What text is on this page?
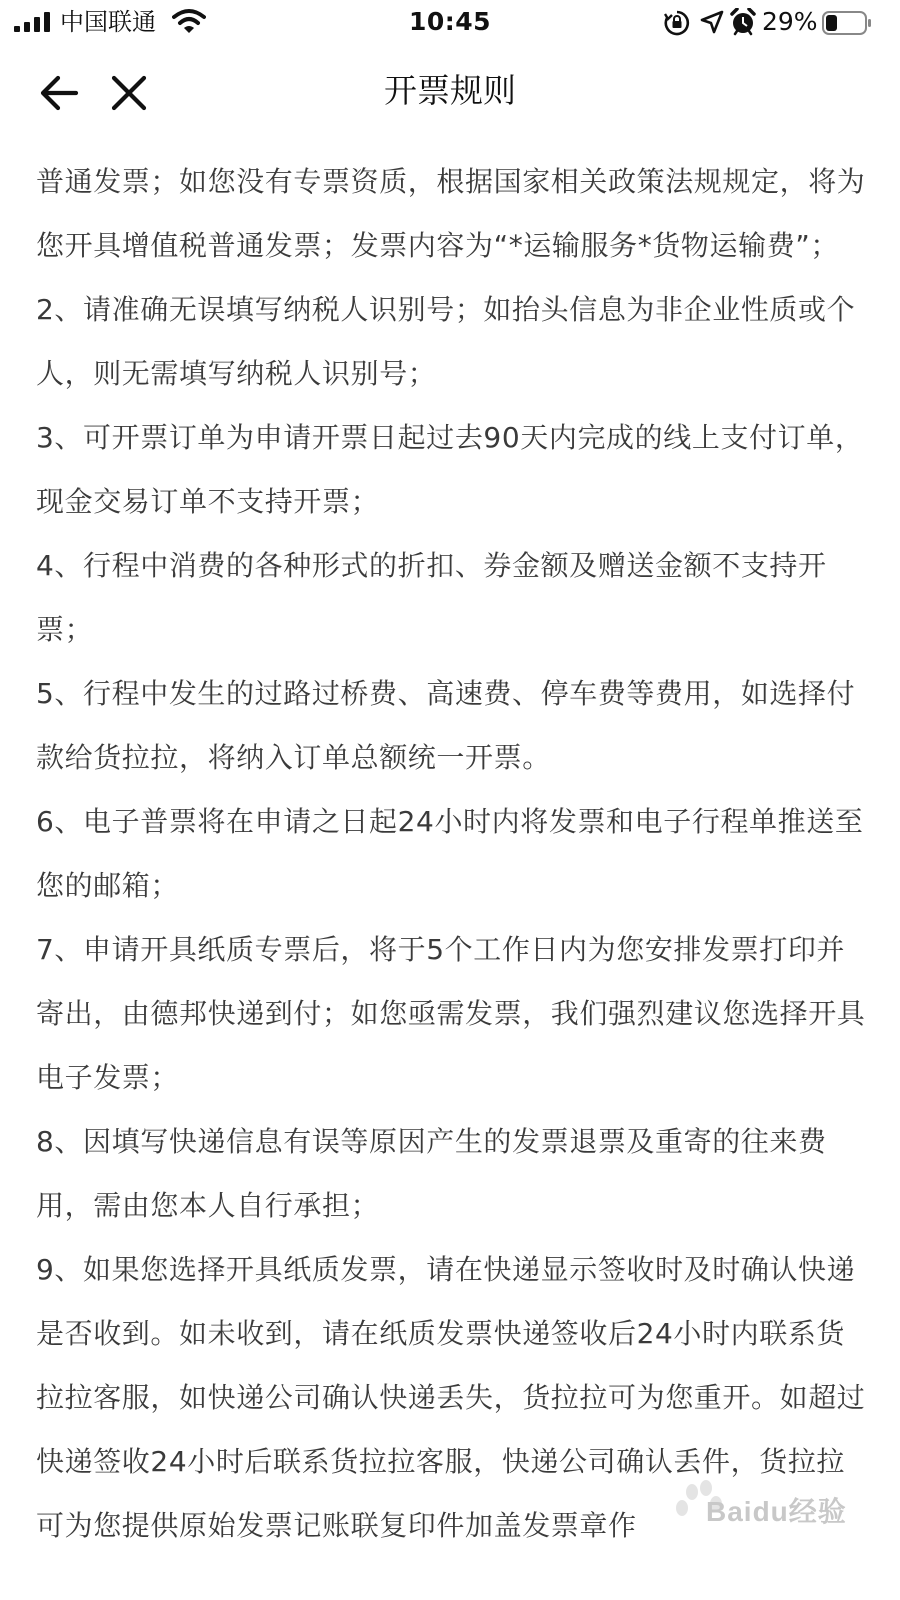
中国联通	10:45	29%
开票规则

普通发票；如您没有专票资质，根据国家相关政策法规规定，将为您开具增值税普通发票；发票内容为“*运输服务*货物运输费”；

2、请准确无误填写纳税人识别号；如抬头信息为非企业性质或个人，则无需填写纳税人识别号；

3、可开票订单为申请开票日起过去90天内完成的线上支付订单，现金交易订单不支持开票；

4、行程中消费的各种形式的折扣、券金额及赠送金额不支持开票；

5、行程中发生的过路过桥费、高速费、停车费等费用，如选择付款给货拉拉，将纳入订单总额统一开票。

6、电子普票将在申请之日起24小时内将发票和电子行程单推送至您的邮箱；

7、申请开具纸质专票后，将于5个工作日内为您安排发票打印并寄出，由德邦快递到付；如您亟需发票，我们强烈建议您选择开具电子发票；

8、因填写快递信息有误等原因产生的发票退票及重寄的往来费用，需由您本人自行承担；

9、如果您选择开具纸质发票，请在快递显示签收时及时确认快递是否收到。如未收到，请在纸质发票快递签收后24小时内联系货拉拉客服，如快递公司确认快递丢失，货拉拉可为您重开。如超过快递签收24小时后联系货拉拉客服，快递公司确认丢件，货拉拉可为您提供原始发票记账联复印件加盖发票章作	Baidu经验
